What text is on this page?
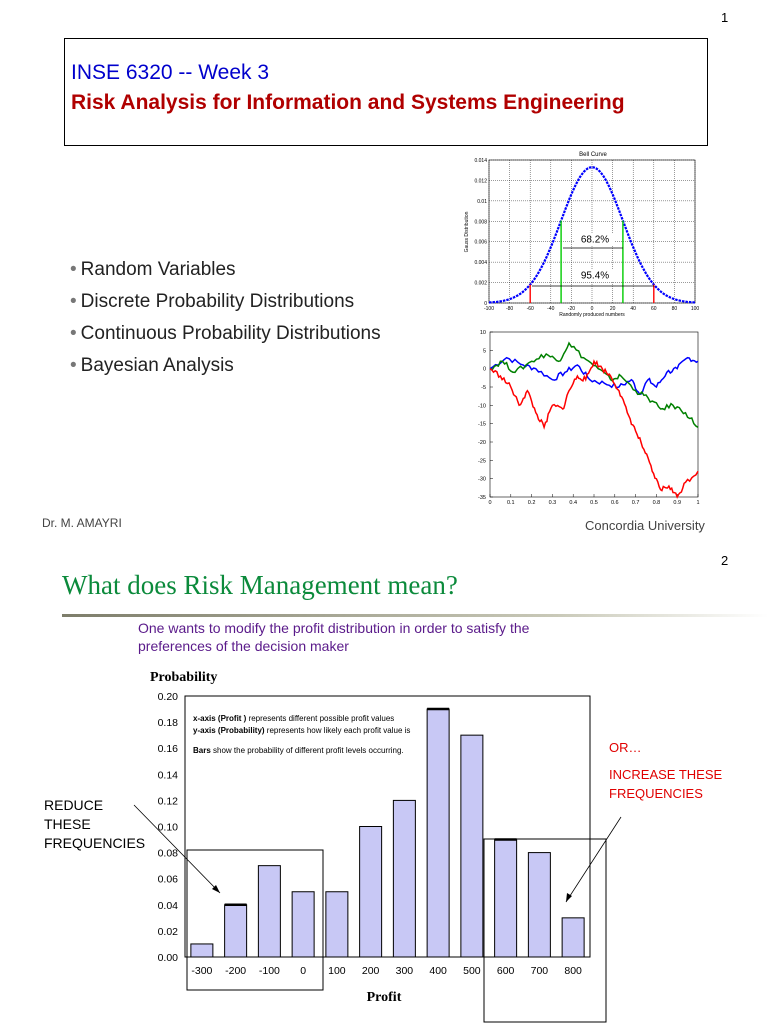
1
INSE 6320 -- Week 3
Risk Analysis for Information and Systems Engineering
• Random Variables
• Discrete Probability Distributions
• Continuous Probability Distributions
• Bayesian Analysis
Bell Curve
0
0.002
0.004
0.006
0.008
0.01
0.012
0.014
-100 -80	-60	-40	-20	0	20	40	60	80	100
68.2%
95.4%
Gauss Distribution
Randomly produced numbers
10
5
0
-5
-10
-15
-20
-25
-30
-35
0	0.1 0.2 0.3 0.4 0.5 0.6 0.7 0.8 0.9	1
Dr. M. AMAYRI	Concordia University
2
What does Risk Management mean?
One wants to modify the profit distribution in order to satisfy the preferences of the decision maker
Probability
0.00
0.02
0.04
0.06
0.08
0.10
0.12
0.14
0.16
0.18
0.20
-300 -200 -100 0 100 200 300 400 500 600 700 800
Profit
x-axis (Profit ) represents different possible profit values
y-axis (Probability) represents how likely each profit value is
Bars show the probability of different profit levels occurring.
REDUCE
THESE
FREQUENCIES
OR…
INCREASE THESE
FREQUENCIES
